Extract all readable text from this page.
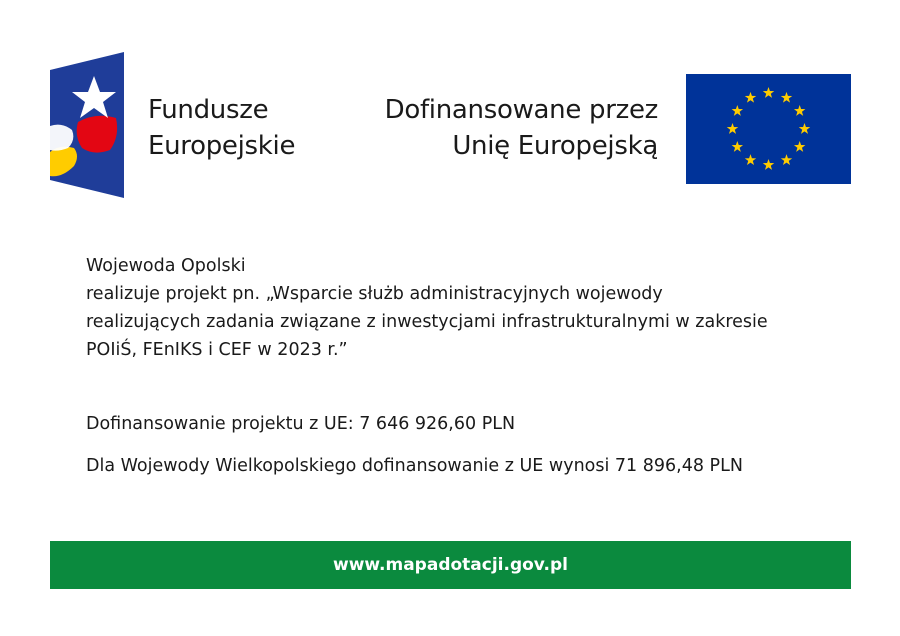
Fundusze
Europejskie
Dofinansowane przez
Unię Europejską
Wojewoda Opolski
realizuje projekt pn. „Wsparcie służb administracyjnych wojewody
realizujących zadania związane z inwestycjami infrastrukturalnymi w zakresie
POIiŚ, FEnIKS i CEF w 2023 r.”
Dofinansowanie projektu z UE: 7 646 926,60 PLN
Dla Wojewody Wielkopolskiego dofinansowanie z UE wynosi 71 896,48 PLN
www.mapadotacji.gov.pl
